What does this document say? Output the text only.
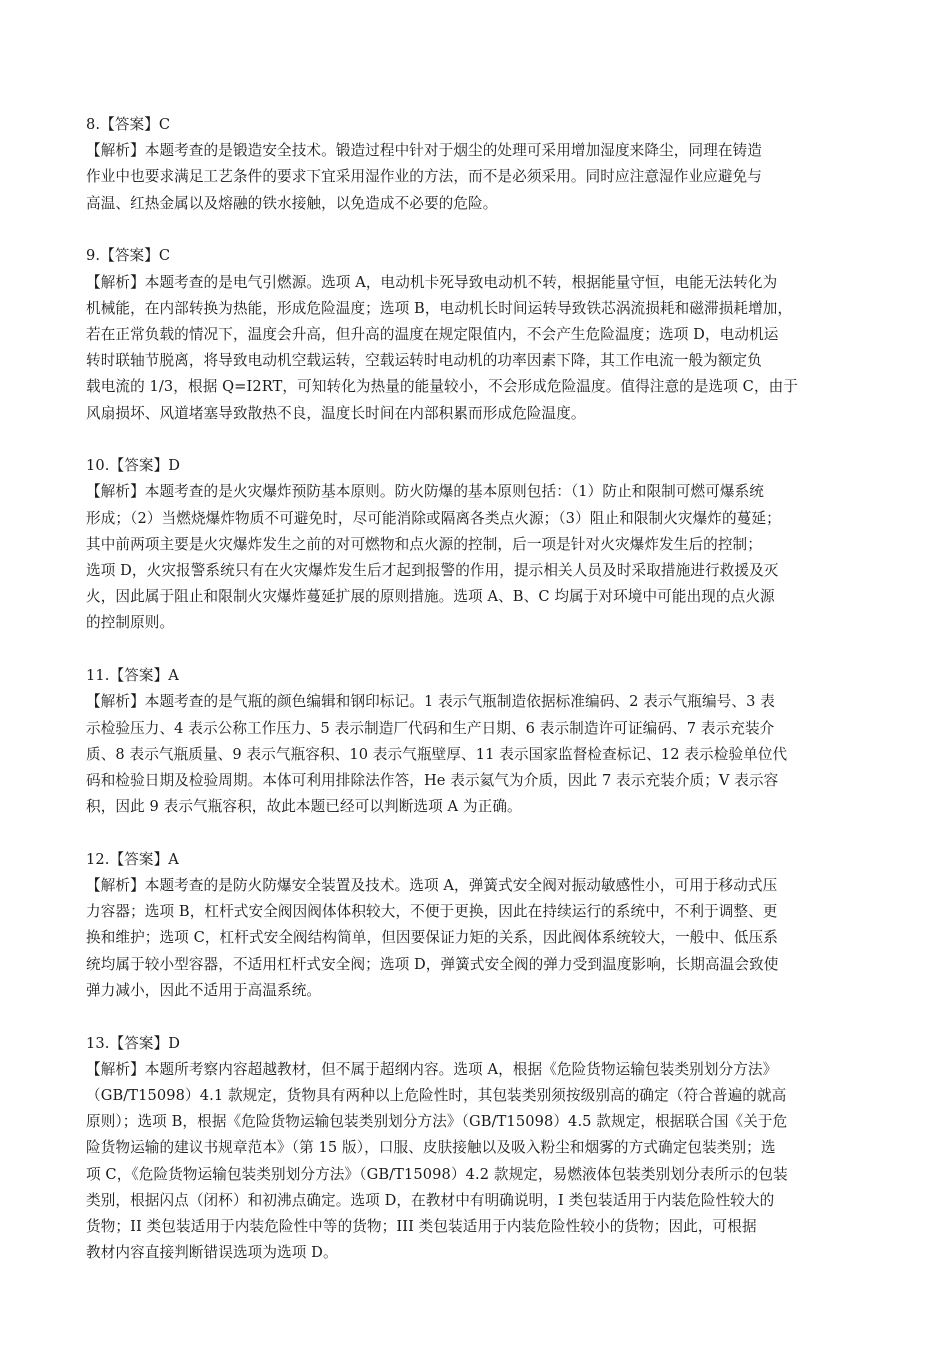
8.【答案】C
【解析】本题考查的是锻造安全技术。锻造过程中针对于烟尘的处理可采用增加湿度来降尘，同理在铸造
作业中也要求满足工艺条件的要求下宜采用湿作业的方法，而不是必须采用。同时应注意湿作业应避免与
高温、红热金属以及熔融的铁水接触，以免造成不必要的危险。
9.【答案】C
【解析】本题考查的是电气引燃源。选项 A，电动机卡死导致电动机不转，根据能量守恒，电能无法转化为
机械能，在内部转换为热能，形成危险温度；选项 B，电动机长时间运转导致铁芯涡流损耗和磁滞损耗增加，
若在正常负载的情况下，温度会升高，但升高的温度在规定限值内，不会产生危险温度；选项 D，电动机运
转时联轴节脱离，将导致电动机空载运转，空载运转时电动机的功率因素下降，其工作电流一般为额定负
载电流的 1/3，根据 Q=I2RT，可知转化为热量的能量较小，不会形成危险温度。值得注意的是选项 C，由于
风扇损坏、风道堵塞导致散热不良，温度长时间在内部积累而形成危险温度。
10.【答案】D
【解析】本题考查的是火灾爆炸预防基本原则。防火防爆的基本原则包括：（1）防止和限制可燃可爆系统
形成；（2）当燃烧爆炸物质不可避免时，尽可能消除或隔离各类点火源；（3）阻止和限制火灾爆炸的蔓延；
其中前两项主要是火灾爆炸发生之前的对可燃物和点火源的控制，后一项是针对火灾爆炸发生后的控制；
选项 D，火灾报警系统只有在火灾爆炸发生后才起到报警的作用，提示相关人员及时采取措施进行救援及灭
火，因此属于阻止和限制火灾爆炸蔓延扩展的原则措施。选项 A、B、C 均属于对环境中可能出现的点火源
的控制原则。
11.【答案】A
【解析】本题考查的是气瓶的颜色编辑和钢印标记。1 表示气瓶制造依据标准编码、2 表示气瓶编号、3 表
示检验压力、4 表示公称工作压力、5 表示制造厂代码和生产日期、6 表示制造许可证编码、7 表示充装介
质、8 表示气瓶质量、9 表示气瓶容积、10 表示气瓶壁厚、11 表示国家监督检查标记、12 表示检验单位代
码和检验日期及检验周期。本体可利用排除法作答，He 表示氦气为介质，因此 7 表示充装介质；V 表示容
积，因此 9 表示气瓶容积，故此本题已经可以判断选项 A 为正确。
12.【答案】A
【解析】本题考查的是防火防爆安全装置及技术。选项 A，弹簧式安全阀对振动敏感性小，可用于移动式压
力容器；选项 B，杠杆式安全阀因阀体体积较大，不便于更换，因此在持续运行的系统中，不利于调整、更
换和维护；选项 C，杠杆式安全阀结构简单，但因要保证力矩的关系，因此阀体系统较大，一般中、低压系
统均属于较小型容器，不适用杠杆式安全阀；选项 D，弹簧式安全阀的弹力受到温度影响，长期高温会致使
弹力减小，因此不适用于高温系统。
13.【答案】D
【解析】本题所考察内容超越教材，但不属于超纲内容。选项 A，根据《危险货物运输包装类别划分方法》
（GB/T15098）4.1 款规定，货物具有两种以上危险性时，其包装类别须按级别高的确定（符合普遍的就高
原则）；选项 B，根据《危险货物运输包装类别划分方法》（GB/T15098）4.5 款规定，根据联合国《关于危
险货物运输的建议书规章范本》（第 15 版），口服、皮肤接触以及吸入粉尘和烟雾的方式确定包装类别；选
项 C，《危险货物运输包装类别划分方法》（GB/T15098）4.2 款规定，易燃液体包装类别划分表所示的包装
类别，根据闪点（闭杯）和初沸点确定。选项 D，在教材中有明确说明，I 类包装适用于内装危险性较大的
货物；II 类包装适用于内装危险性中等的货物；III 类包装适用于内装危险性较小的货物；因此，可根据
教材内容直接判断错误选项为选项 D。
